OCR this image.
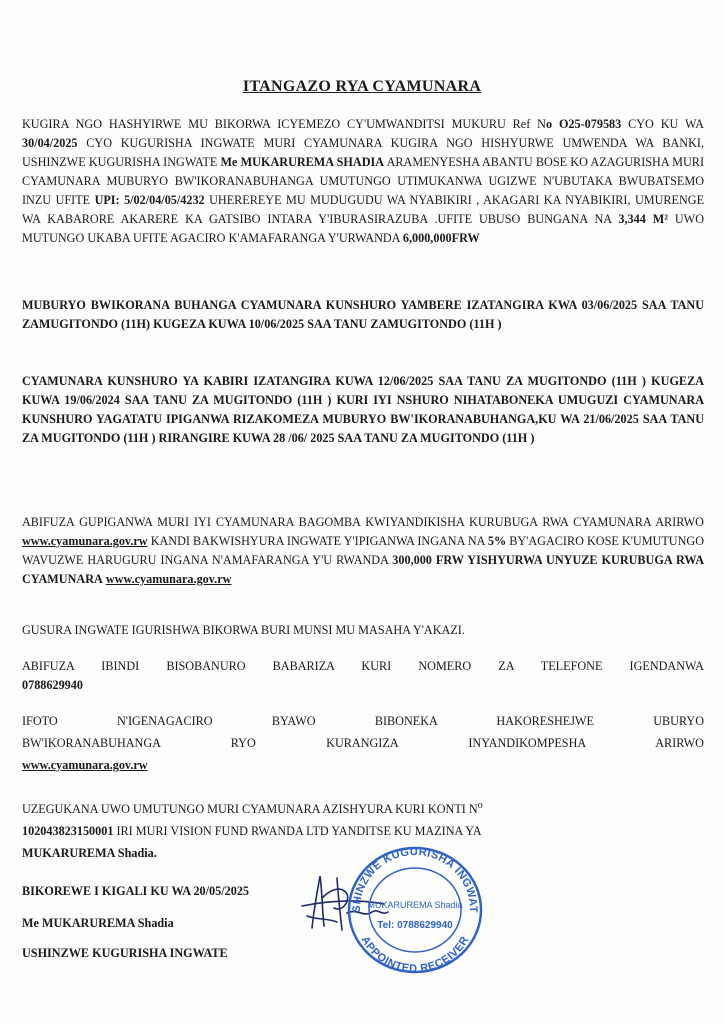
ITANGAZO RYA CYAMUNARA
KUGIRA NGO HASHYIRWE MU BIKORWA ICYEMEZO CY'UMWANDITSI MUKURU Ref No O25-079583 CYO KU WA 30/04/2025 CYO KUGURISHA INGWATE MURI CYAMUNARA KUGIRA NGO HISHYURWE UMWENDA WA BANKI, USHINZWE KUGURISHA INGWATE Me MUKARUREMA SHADIA ARAMENYESHA ABANTU BOSE KO AZAGURISHA MURI CYAMUNARA MUBURYO BW'IKORANABUHANGA UMUTUNGO UTIMUKANWA UGIZWE N'UBUTAKA BWUBATSEMO INZU UFITE UPI: 5/02/04/05/4232 UHEREREYE MU MUDUGUDU WA NYABIKIRI , AKAGARI KA NYABIKIRI, UMURENGE WA KABARORE AKARERE KA GATSIBO INTARA Y'IBURASIRAZUBA .UFITE UBUSO BUNGANA NA 3,344 M² UWO MUTUNGO UKABA UFITE AGACIRO K'AMAFARANGA Y'URWANDA 6,000,000FRW
MUBURYO BWIKORANA BUHANGA CYAMUNARA KUNSHURO YAMBERE IZATANGIRA KWA 03/06/2025 SAA TANU ZAMUGITONDO (11H) KUGEZA KUWA 10/06/2025 SAA TANU ZAMUGITONDO (11H )
CYAMUNARA KUNSHURO YA KABIRI IZATANGIRA KUWA 12/06/2025 SAA TANU ZA MUGITONDO (11H ) KUGEZA KUWA 19/06/2024 SAA TANU ZA MUGITONDO (11H ) KURI IYI NSHURO NIHATABONEKA UMUGUZI CYAMUNARA KUNSHURO YAGATATU IPIGANWA RIZAKOMEZA MUBURYO BW'IKORANABUHANGA,KU WA 21/06/2025 SAA TANU ZA MUGITONDO (11H ) RIRANGIRE KUWA 28 /06/ 2025 SAA TANU ZA MUGITONDO (11H )
ABIFUZA GUPIGANWA MURI IYI CYAMUNARA BAGOMBA KWIYANDIKISHA KURUBUGA RWA CYAMUNARA ARIRWO www.cyamunara.gov.rw KANDI BAKWISHYURA INGWATE Y'IPIGANWA INGANA NA 5% BY'AGACIRO KOSE K'UMUTUNGO WAVUZWE HARUGURU INGANA N'AMAFARANGA Y'U RWANDA 300,000 FRW YISHYURWA UNYUZE KURUBUGA RWA CYAMUNARA www.cyamunara.gov.rw
GUSURA INGWATE IGURISHWA BIKORWA BURI MUNSI MU MASAHA Y'AKAZI.
ABIFUZA IBINDI BISOBANURO BABARIZA KURI NOMERO ZA TELEFONE IGENDANWA
0788629940
IFOTO N'IGENAGACIRO BYAWO BIBONEKA HAKORESHEJWE UBURYO
BW'IKORANABUHANGA RYO KURANGIZA INYANDIKOMPESHA ARIRWO
www.cyamunara.gov.rw
UZEGUKANA UWO UMUTUNGO MURI CYAMUNARA AZISHYURA KURI KONTI $N^o$
102043823150001 IRI MURI VISION FUND RWANDA LTD YANDITSE KU MAZINA YA
MUKARUREMA Shadia.
BIKOREWE I KIGALI KU WA 20/05/2025
Me MUKARUREMA Shadia
USHINZWE KUGURISHA INGWATE
SHINZWE KUGURISHA INGWAT
MUKARUREMA Shadia
Tel: 0788629940
APPOINTED RECEIVER
